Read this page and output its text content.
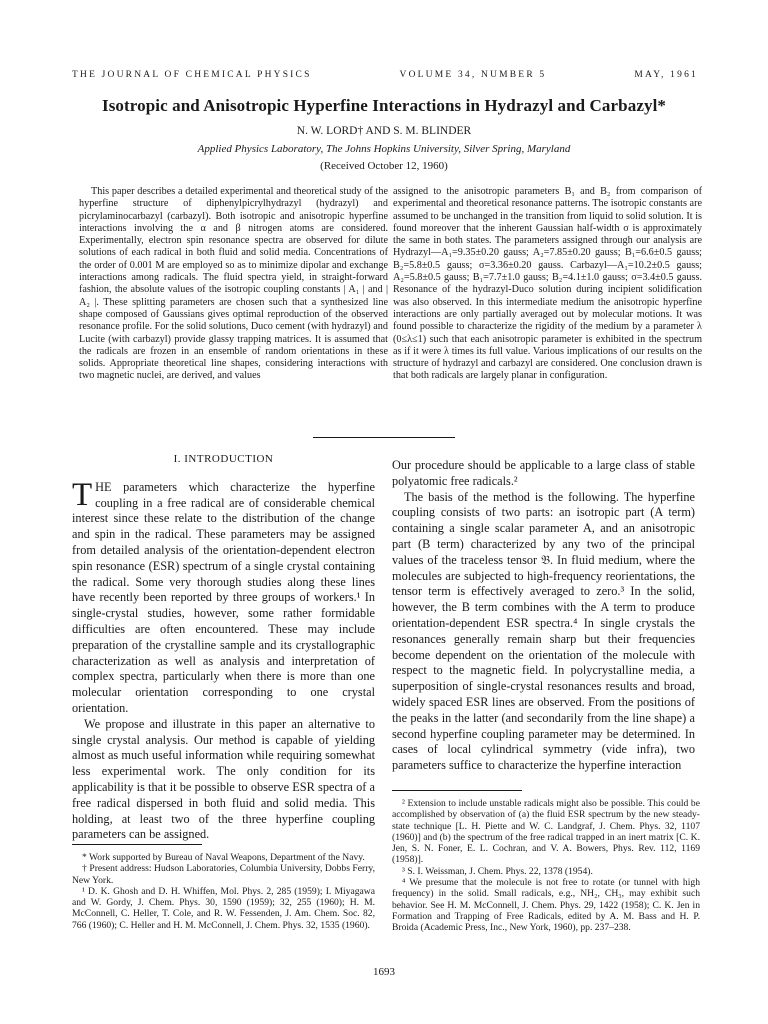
THE JOURNAL OF CHEMICAL PHYSICS	VOLUME 34, NUMBER 5	MAY, 1961
Isotropic and Anisotropic Hyperfine Interactions in Hydrazyl and Carbazyl*
N. W. LORD† AND S. M. BLINDER
Applied Physics Laboratory, The Johns Hopkins University, Silver Spring, Maryland
(Received October 12, 1960)

This paper describes a detailed experimental and theoretical study of the hyperfine structure of diphenylpicrylhydrazyl (hydrazyl) and picrylaminocarbazyl (carbazyl). Both isotropic and anisotropic hyperfine interactions involving the α and β nitrogen atoms are considered. Experimentally, electron spin resonance spectra are observed for dilute solutions of each radical in both fluid and solid media. Concentrations of the order of 0.001 M are employed so as to minimize dipolar and exchange interactions among radicals. The fluid spectra yield, in straight-forward fashion, the absolute values of the isotropic coupling constants | A₁ | and | A₂ |. These splitting parameters are chosen such that a synthesized line shape composed of Gaussians gives optimal reproduction of the observed resonance profile. For the solid solutions, Duco cement (with hydrazyl) and Lucite (with carbazyl) provide glassy trapping matrices. It is assumed that the radicals are frozen in an ensemble of random orientations in these solids. Appropriate theoretical line shapes, considering interactions with two magnetic nuclei, are derived, and values

assigned to the anisotropic parameters B₁ and B₂ from comparison of experimental and theoretical resonance patterns. The isotropic constants are assumed to be unchanged in the transition from liquid to solid solution. It is found moreover that the inherent Gaussian half-width σ is approximately the same in both states. The parameters assigned through our analysis are Hydrazyl—A₁=9.35±0.20 gauss; A₂=7.85±0.20 gauss; B₁=6.6±0.5 gauss; B₂=5.8±0.5 gauss; σ=3.36±0.20 gauss. Carbazyl—A₁=10.2±0.5 gauss; A₂=5.8±0.5 gauss; B₁=7.7±1.0 gauss; B₂=4.1±1.0 gauss; σ=3.4±0.5 gauss. Resonance of the hydrazyl-Duco solution during incipient solidification was also observed. In this intermediate medium the anisotropic hyperfine interactions are only partially averaged out by molecular motions. It was found possible to characterize the rigidity of the medium by a parameter λ (0≤λ≤1) such that each anisotropic parameter is exhibited in the spectrum as if it were λ times its full value. Various implications of our results on the structure of hydrazyl and carbazyl are considered. One conclusion drawn is that both radicals are largely planar in configuration.

I. INTRODUCTION

THE parameters which characterize the hyperfine coupling in a free radical are of considerable chemical interest since these relate to the distribution of the change and spin in the radical. These parameters may be assigned from detailed analysis of the orientation-dependent electron spin resonance (ESR) spectrum of a single crystal containing the radical. Some very thorough studies along these lines have recently been reported by three groups of workers.¹ In single-crystal studies, however, some rather formidable difficulties are often encountered. These may include preparation of the crystalline sample and its crystallographic characterization as well as analysis and interpretation of complex spectra, particularly when there is more than one molecular orientation corresponding to one crystal orientation.

We propose and illustrate in this paper an alternative to single crystal analysis. Our method is capable of yielding almost as much useful information while requiring somewhat less experimental work. The only condition for its applicability is that it be possible to observe ESR spectra of a free radical dispersed in both fluid and solid media. This holding, at least two of the three hyperfine coupling parameters can be assigned.

* Work supported by Bureau of Naval Weapons, Department of the Navy.

† Present address: Hudson Laboratories, Columbia University, Dobbs Ferry, New York.

¹ D. K. Ghosh and D. H. Whiffen, Mol. Phys. 2, 285 (1959); I. Miyagawa and W. Gordy, J. Chem. Phys. 30, 1590 (1959); 32, 255 (1960); H. M. McConnell, C. Heller, T. Cole, and R. W. Fessenden, J. Am. Chem. Soc. 82, 766 (1960); C. Heller and H. M. McConnell, J. Chem. Phys. 32, 1535 (1960).

Our procedure should be applicable to a large class of stable polyatomic free radicals.²

The basis of the method is the following. The hyperfine coupling consists of two parts: an isotropic part (A term) containing a single scalar parameter A, and an anisotropic part (B term) characterized by any two of the principal values of the traceless tensor 𝔅. In fluid medium, where the molecules are subjected to high-frequency reorientations, the tensor term is effectively averaged to zero.³ In the solid, however, the B term combines with the A term to produce orientation-dependent ESR spectra.⁴ In single crystals the resonances generally remain sharp but their frequencies become dependent on the orientation of the molecule with respect to the magnetic field. In polycrystalline media, a superposition of single-crystal resonances results and broad, widely spaced ESR lines are observed. From the positions of the peaks in the latter (and secondarily from the line shape) a second hyperfine coupling parameter may be determined. In cases of local cylindrical symmetry (vide infra), two parameters suffice to characterize the hyperfine interaction

² Extension to include unstable radicals might also be possible. This could be accomplished by observation of (a) the fluid ESR spectrum by the new steady-state technique [L. H. Piette and W. C. Landgraf, J. Chem. Phys. 32, 1107 (1960)] and (b) the spectrum of the free radical trapped in an inert matrix [C. K. Jen, S. N. Foner, E. L. Cochran, and V. A. Bowers, Phys. Rev. 112, 1169 (1958)].

³ S. I. Weissman, J. Chem. Phys. 22, 1378 (1954).

⁴ We presume that the molecule is not free to rotate (or tunnel with high frequency) in the solid. Small radicals, e.g., NH₂, CH₃, may exhibit such behavior. See H. M. McConnell, J. Chem. Phys. 29, 1422 (1958); C. K. Jen in Formation and Trapping of Free Radicals, edited by A. M. Bass and H. P. Broida (Academic Press, Inc., New York, 1960), pp. 237–238.

1693
